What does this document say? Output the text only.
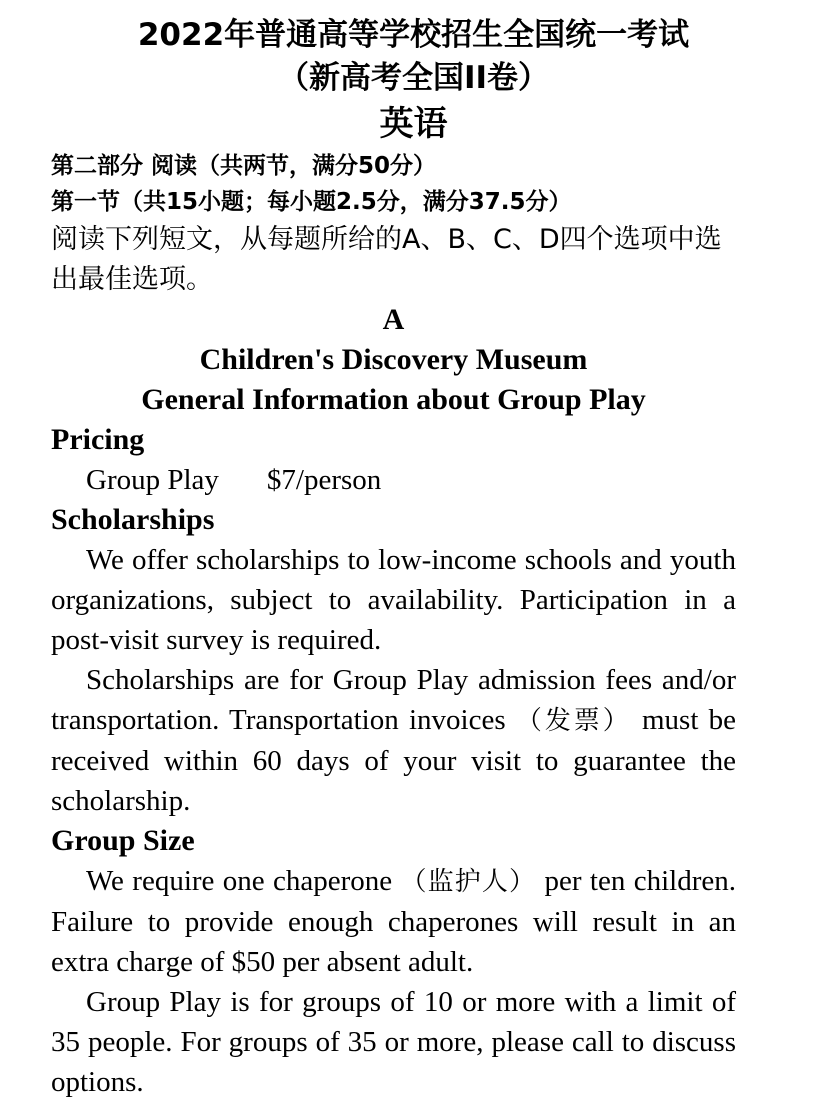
2022年普通高等学校招生全国统一考试
（新高考全国II卷）
英语
第二部分 阅读（共两节，满分50分）
第一节（共15小题；每小题2.5分，满分37.5分）
阅读下列短文，从每题所给的A、B、C、D四个选项中选出最佳选项。
A
Children's Discovery Museum
General Information about Group Play
Pricing
Group Play $7/person
Scholarships
We offer scholarships to low-income schools and youth organizations, subject to availability. Participation in a post-visit survey is required.
Scholarships are for Group Play admission fees and/or transportation. Transportation invoices （发票） must be received within 60 days of your visit to guarantee the scholarship.
Group Size
We require one chaperone （监护人） per ten children. Failure to provide enough chaperones will result in an extra charge of $50 per absent adult.
Group Play is for groups of 10 or more with a limit of 35 people. For groups of 35 or more, please call to discuss options.
